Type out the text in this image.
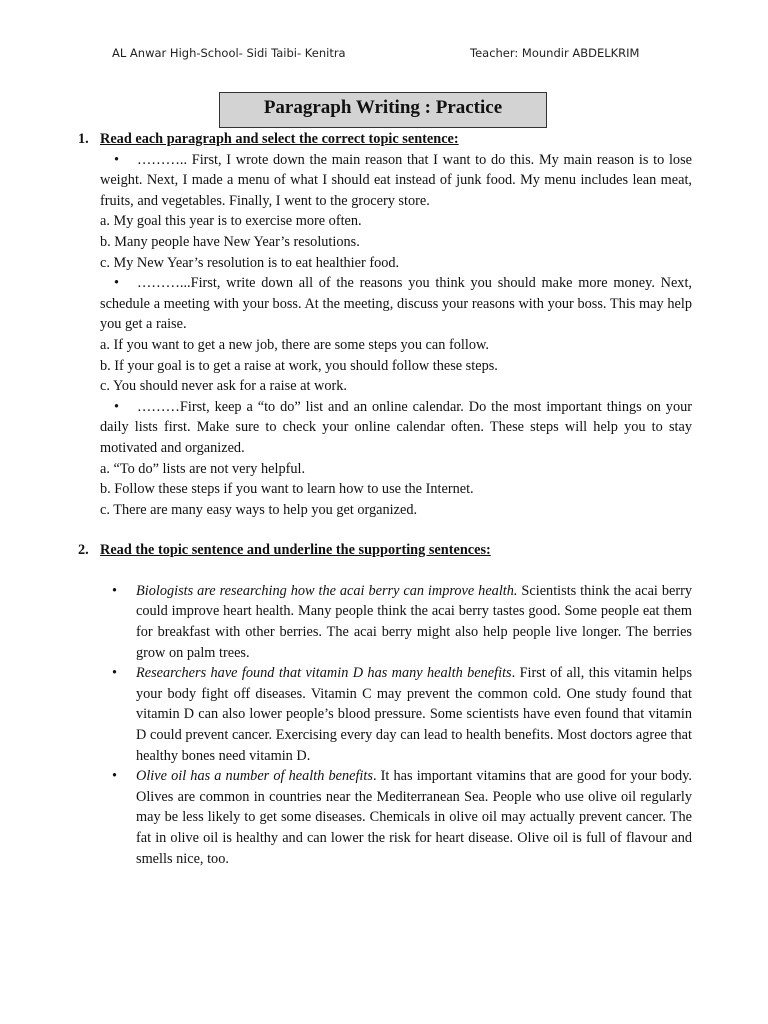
AL Anwar High-School- Sidi Taibi- Kenitra	Teacher: Moundir ABDELKRIM
Paragraph Writing : Practice
1. Read each paragraph and select the correct topic sentence:
• ……….. First, I wrote down the main reason that I want to do this. My main reason is to lose weight. Next, I made a menu of what I should eat instead of junk food. My menu includes lean meat, fruits, and vegetables. Finally, I went to the grocery store.
a. My goal this year is to exercise more often.
b. Many people have New Year’s resolutions.
c. My New Year’s resolution is to eat healthier food.
• ………...First, write down all of the reasons you think you should make more money. Next, schedule a meeting with your boss. At the meeting, discuss your reasons with your boss. This may help you get a raise.
a. If you want to get a new job, there are some steps you can follow.
b. If your goal is to get a raise at work, you should follow these steps.
c. You should never ask for a raise at work.
• ………First, keep a “to do” list and an online calendar. Do the most important things on your daily lists first. Make sure to check your online calendar often. These steps will help you to stay motivated and organized.
a. “To do” lists are not very helpful.
b. Follow these steps if you want to learn how to use the Internet.
c. There are many easy ways to help you get organized.
2. Read the topic sentence and underline the supporting sentences:
• Biologists are researching how the acai berry can improve health. Scientists think the acai berry could improve heart health. Many people think the acai berry tastes good. Some people eat them for breakfast with other berries. The acai berry might also help people live longer. The berries grow on palm trees.
• Researchers have found that vitamin D has many health benefits. First of all, this vitamin helps your body fight off diseases. Vitamin C may prevent the common cold. One study found that vitamin D can also lower people’s blood pressure. Some scientists have even found that vitamin D could prevent cancer. Exercising every day can lead to health benefits. Most doctors agree that healthy bones need vitamin D.
• Olive oil has a number of health benefits. It has important vitamins that are good for your body. Olives are common in countries near the Mediterranean Sea. People who use olive oil regularly may be less likely to get some diseases. Chemicals in olive oil may actually prevent cancer. The fat in olive oil is healthy and can lower the risk for heart disease. Olive oil is full of flavour and smells nice, too.
